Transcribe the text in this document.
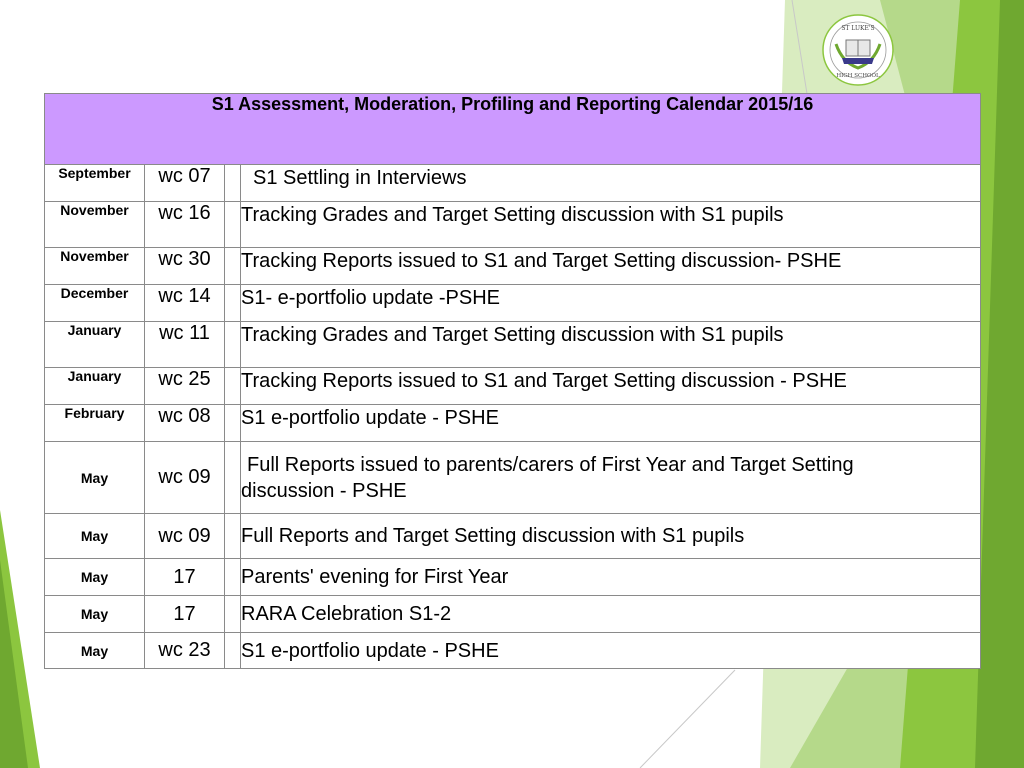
ST LUKE'S
HIGH SCHOOL
S1 Assessment, Moderation, Profiling and Reporting Calendar 2015/16			
September	wc 07		S1 Settling in Interviews
November	wc 16		Tracking Grades and Target Setting discussion with S1 pupils
November	wc 30		Tracking Reports issued to S1 and Target Setting discussion- PSHE
December	wc 14		S1- e-portfolio update -PSHE
January	wc 11		Tracking Grades and Target Setting discussion with S1 pupils
January	wc 25		Tracking Reports issued to S1 and Target Setting discussion - PSHE
February	wc 08		S1 e-portfolio update - PSHE
May	wc 09		Full Reports issued to parents/carers of First Year and Target Setting
discussion - PSHE

May	wc 09		Full Reports and Target Setting discussion with S1 pupils
May	17		Parents' evening for First Year
May	17		RARA Celebration S1-2
May	wc 23		S1 e-portfolio update - PSHE
